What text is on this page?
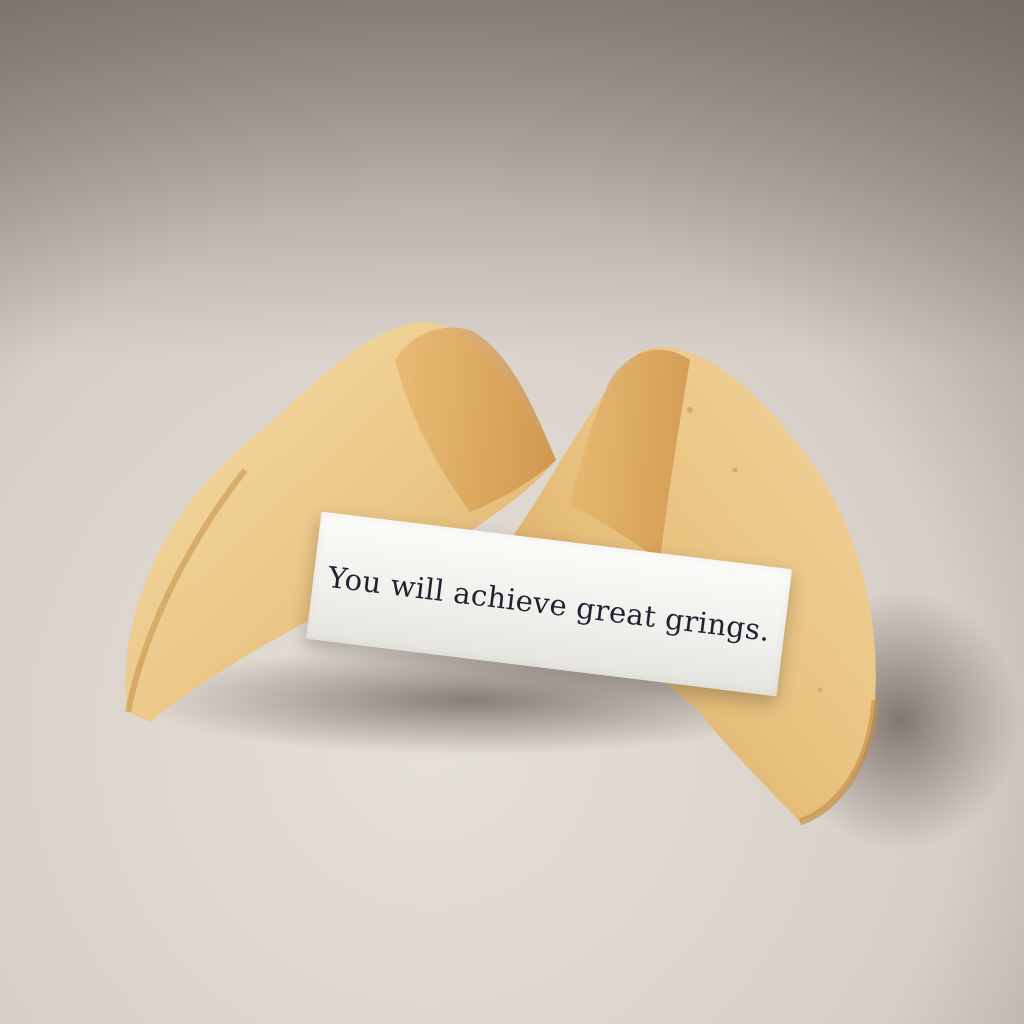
You will achieve great grings.
